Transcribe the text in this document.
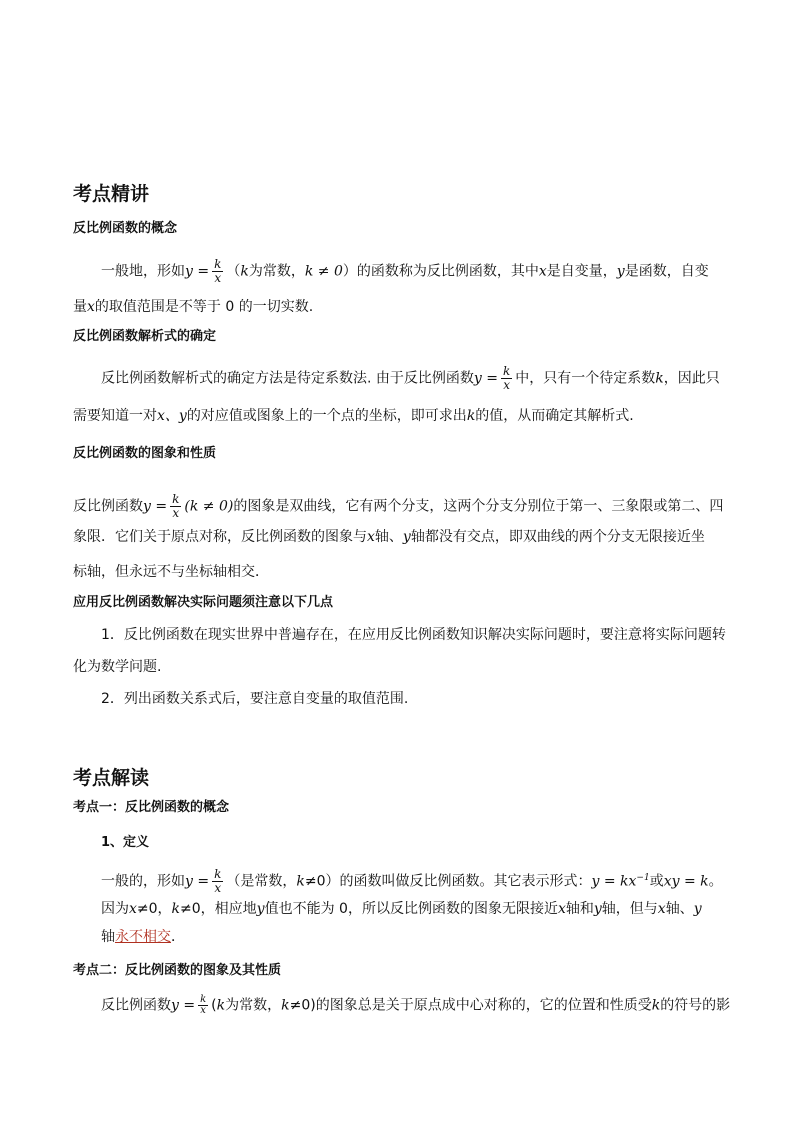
考点精讲
反比例函数的概念
一般地，形如$y = \frac{k}{x} (k$为常数，k ≠ 0）的函数称为反比例函数，其中x是自变量，y是函数，自变
量x的取值范围是不等于 0 的一切实数.
反比例函数解析式的确定
反比例函数解析式的确定方法是待定系数法. 由于反比例函数$y = \frac{k}{x}$ 中，只有一个待定系数k，因此只
需要知道一对x、y的对应值或图象上的一个点的坐标，即可求出k的值，从而确定其解析式.
反比例函数的图象和性质
反比例函数$y = \frac{k}{x} (k \ne 0)$的图象是双曲线，它有两个分支，这两个分支分别位于第一、三象限或第二、四
象限．它们关于原点对称，反比例函数的图象与x轴、y轴都没有交点，即双曲线的两个分支无限接近坐
标轴，但永远不与坐标轴相交．
应用反比例函数解决实际问题须注意以下几点
1．反比例函数在现实世界中普遍存在，在应用反比例函数知识解决实际问题时，要注意将实际问题转
化为数学问题.
2．列出函数关系式后，要注意自变量的取值范围.
考点解读
考点一：反比例函数的概念
1、定义
一般的，形如$y = \frac{k}{x}$ （是常数，k≠0）的函数叫做反比例函数。其它表示形式：$y = kx^{-1}$或xy = k。
因为x≠0，k≠0，相应地y值也不能为 0，所以反比例函数的图象无限接近x轴和y轴，但与x轴、y
轴永不相交．
考点二：反比例函数的图象及其性质
反比例函数$y = \frac{k}{x} (k$为常数，k≠0)的图象总是关于原点成中心对称的，它的位置和性质受k的符号的影
